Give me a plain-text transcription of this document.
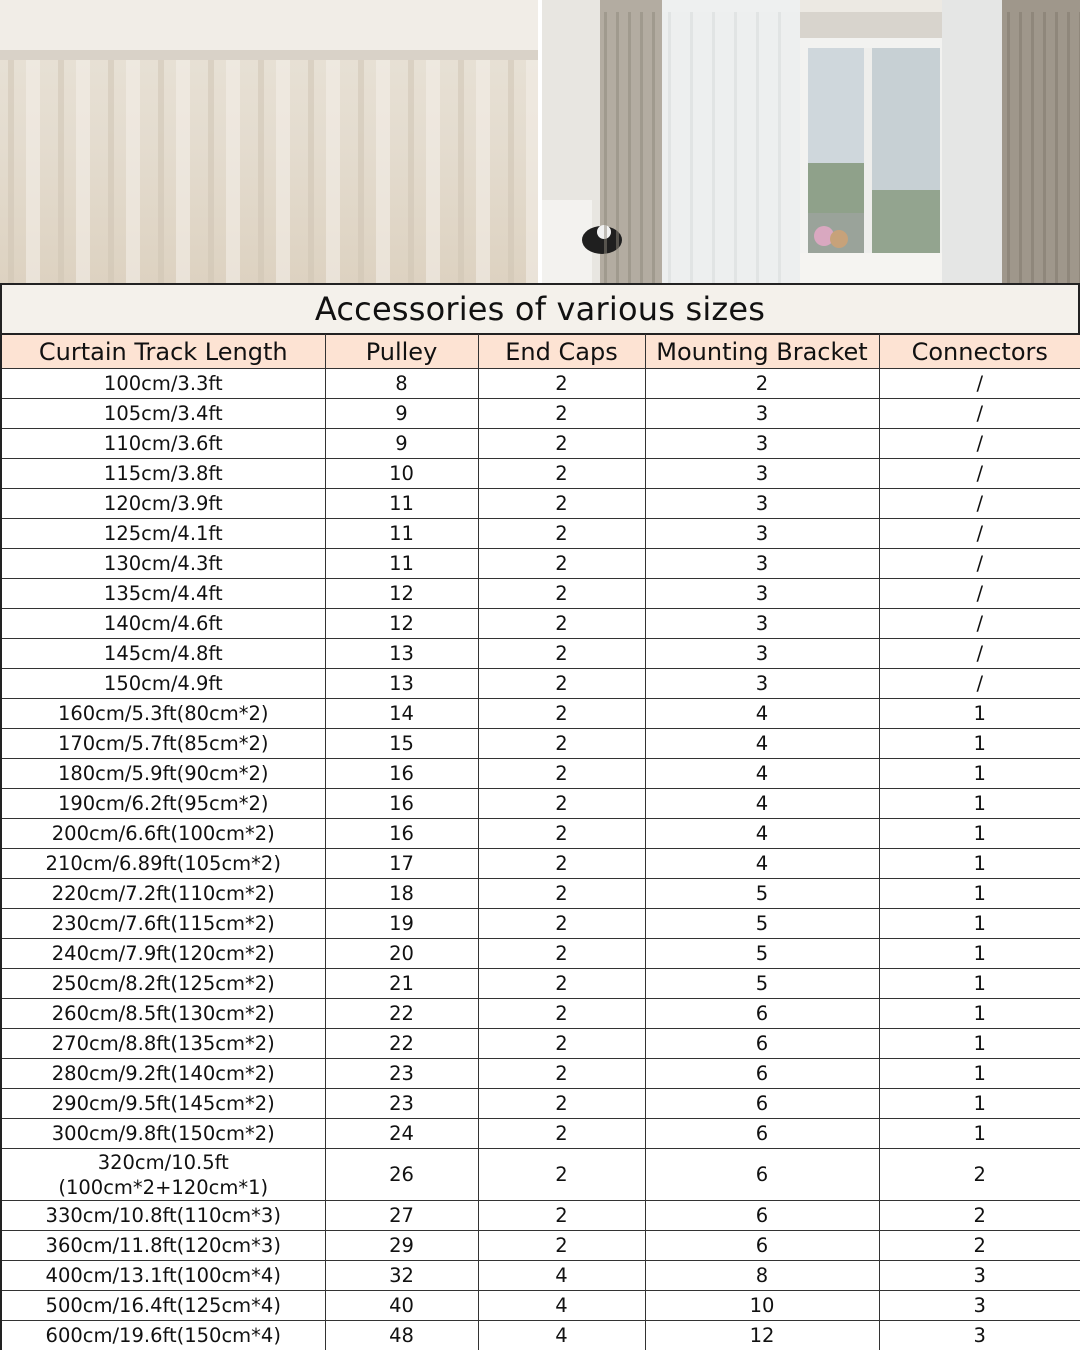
Accessories of various sizes
Curtain Track Length	Pulley	End Caps	Mounting Bracket	Connectors
100cm/3.3ft	8	2	2	/
105cm/3.4ft	9	2	3	/
110cm/3.6ft	9	2	3	/
115cm/3.8ft	10	2	3	/
120cm/3.9ft	11	2	3	/
125cm/4.1ft	11	2	3	/
130cm/4.3ft	11	2	3	/
135cm/4.4ft	12	2	3	/
140cm/4.6ft	12	2	3	/
145cm/4.8ft	13	2	3	/
150cm/4.9ft	13	2	3	/
160cm/5.3ft(80cm*2)	14	2	4	1
170cm/5.7ft(85cm*2)	15	2	4	1
180cm/5.9ft(90cm*2)	16	2	4	1
190cm/6.2ft(95cm*2)	16	2	4	1
200cm/6.6ft(100cm*2)	16	2	4	1
210cm/6.89ft(105cm*2)	17	2	4	1
220cm/7.2ft(110cm*2)	18	2	5	1
230cm/7.6ft(115cm*2)	19	2	5	1
240cm/7.9ft(120cm*2)	20	2	5	1
250cm/8.2ft(125cm*2)	21	2	5	1
260cm/8.5ft(130cm*2)	22	2	6	1
270cm/8.8ft(135cm*2)	22	2	6	1
280cm/9.2ft(140cm*2)	23	2	6	1
290cm/9.5ft(145cm*2)	23	2	6	1
300cm/9.8ft(150cm*2)	24	2	6	1
320cm/10.5ft
(100cm*2+120cm*1)	26	2	6	2
330cm/10.8ft(110cm*3)	27	2	6	2
360cm/11.8ft(120cm*3)	29	2	6	2
400cm/13.1ft(100cm*4)	32	4	8	3
500cm/16.4ft(125cm*4)	40	4	10	3
600cm/19.6ft(150cm*4)	48	4	12	3
